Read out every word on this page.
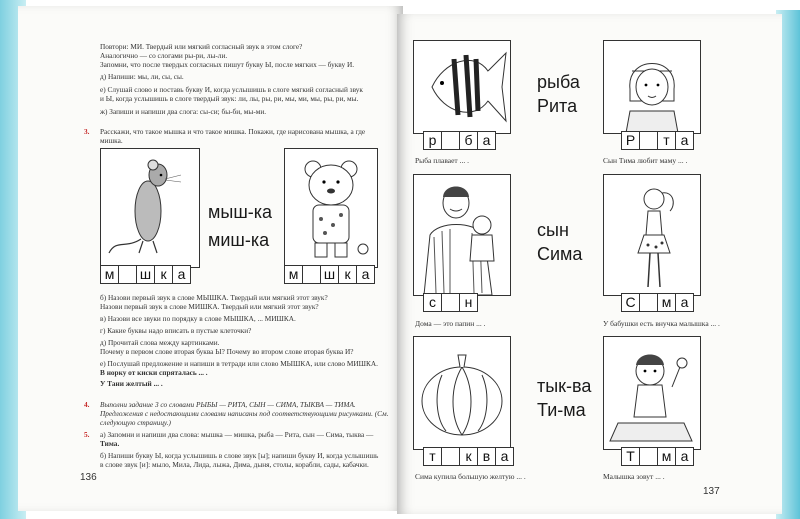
Повтори: МИ. Твердый или мягкий согласный звук в этом слоге?
Аналогично — со слогами ры-ри, лы-ли.
Запомни, что после твердых согласных пишут букву Ы, после мягких — букву И.
д) Напиши: мы, ли, сы, сы.
е) Слушай слово и поставь букву И, когда услышишь в слоге мягкий согласный звук
и Ы, когда услышишь в слоге твердый звук: ли, лы, ры, ри, мы, ми, мы, ры, ри, мы.
ж) Запиши и напиши два слога: сы-си; бы-би, мы-ми.
3. Расскажи, что такое мышка и что такое мишка. Покажи, где нарисована мышка, а где
мишка.
м	ш к а
мыш-ка
миш-ка
м	ш к а
б) Назови первый звук в слове МЫШКА. Твердый или мягкий этот звук?
Назови первый звук в слове МИШКА. Твердый или мягкий этот звук?
в) Назови все звуки по порядку в слове МЫШКА, ... МИШКА.
г) Какие буквы надо вписать в пустые клеточки?
д) Прочитай слова между картинками.
Почему в первом слове вторая буква Ы? Почему во втором слове вторая буква И?
е) Послушай предложение и напиши в тетради или слово МЫШКА, или слово МИШКА.
В норку от киски спряталась ... .
У Тани желтый ... .
4. Выполни задание 3 со словами РЫБЫ — РИТА, СЫН — СИМА, ТЫКВА — ТИМА.
Предложения с недостающими словами написаны под соответствующими рисунками. (См.
следующую страницу.)
5. а) Запомни и напиши два слова: мышка — мишка, рыба — Рита, сын — Сима, тыква —
Тима.
б) Напиши букву Ы, когда услышишь в слове звук [ы]; напиши букву И, когда услышишь
в слове звук [и]: мыло, Мила, Лида, лыжа, Дима, дыня, столы, корабли, сады, кабачки.
136
р	б а
Рыба плавает ... .
рыба
Рита
Р	т а
Сын Тима любит маму ... .
с	н
Дома — это папин ... .
сын
Сима
С	м а
У бабушки есть внучка малышка ... .
т	к в а
Сима купила большую желтую ... .
тык-ва
Ти-ма
Т	м а
Малышка зовут ... .
137
